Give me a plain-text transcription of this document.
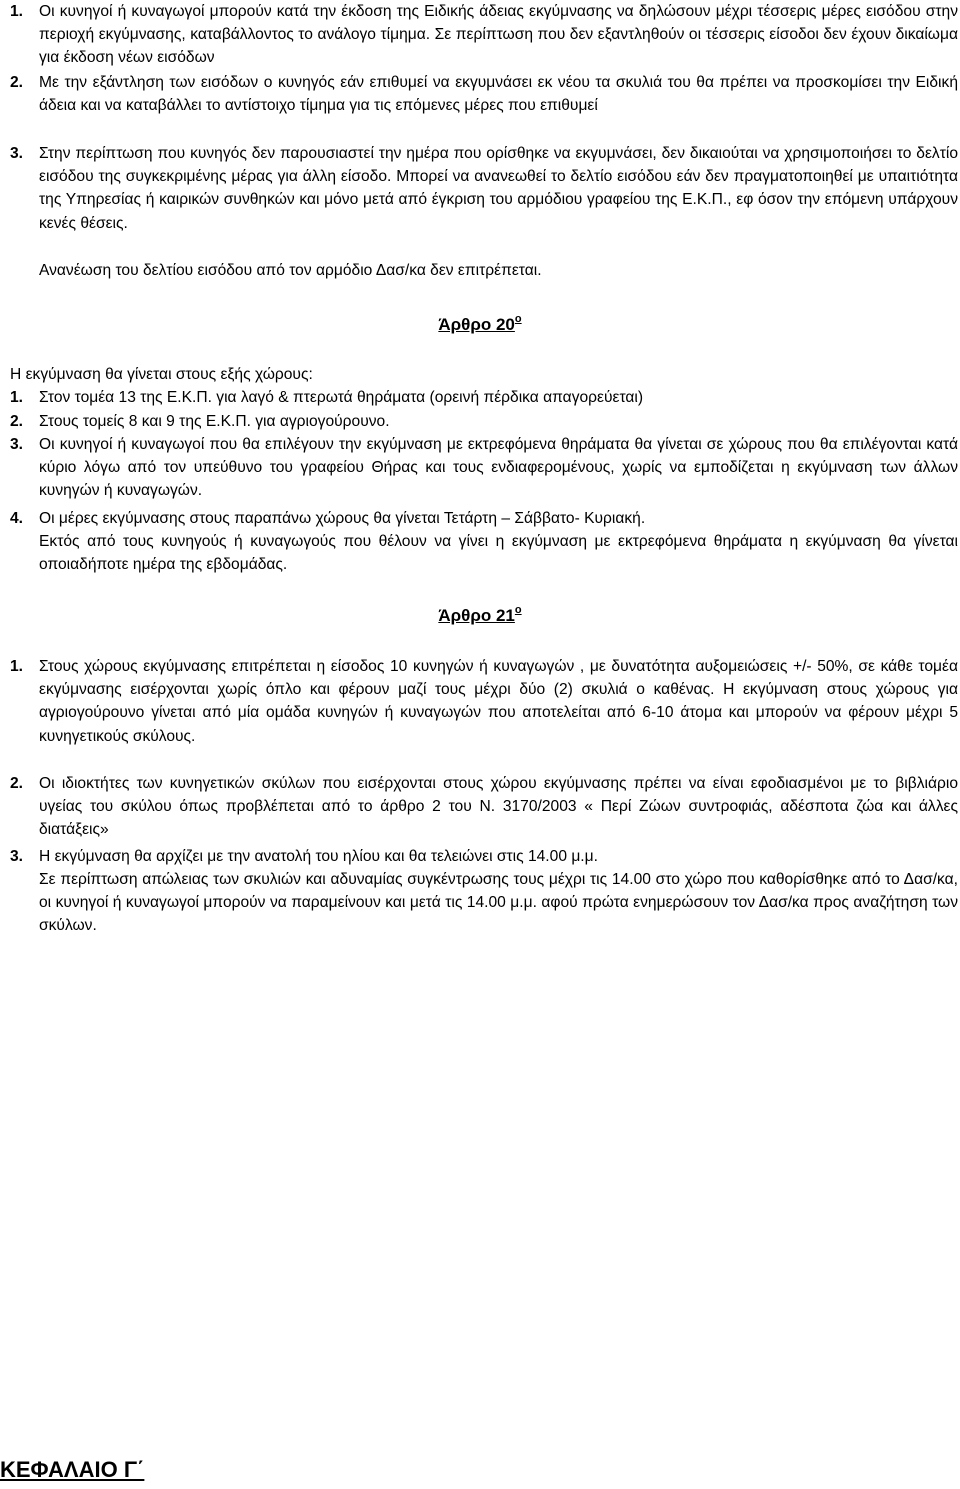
1. Οι κυνηγοί ή κυναγωγοί μπορούν κατά την έκδοση της Ειδικής άδειας εκγύμνασης να δηλώσουν μέχρι τέσσερις μέρες εισόδου στην περιοχή εκγύμνασης, καταβάλλοντος το ανάλογο τίμημα. Σε περίπτωση που δεν εξαντληθούν οι τέσσερις είσοδοι δεν έχουν δικαίωμα για έκδοση νέων εισόδων
2. Με την εξάντληση των εισόδων ο κυνηγός εάν επιθυμεί να εκγυμνάσει εκ νέου τα σκυλιά του θα πρέπει να προσκομίσει την Ειδική άδεια και να καταβάλλει το αντίστοιχο τίμημα για τις επόμενες μέρες που επιθυμεί
3. Στην περίπτωση που κυνηγός δεν παρουσιαστεί την ημέρα που ορίσθηκε να εκγυμνάσει, δεν δικαιούται να χρησιμοποιήσει το δελτίο εισόδου της συγκεκριμένης μέρας για άλλη είσοδο. Μπορεί να ανανεωθεί το δελτίο εισόδου εάν δεν πραγματοποιηθεί με υπαιτιότητα της Υπηρεσίας ή καιρικών συνθηκών και μόνο μετά από έγκριση του αρμόδιου γραφείου της Ε.Κ.Π., εφ όσον την επόμενη υπάρχουν κενές θέσεις.
Ανανέωση του δελτίου εισόδου από τον αρμόδιο Δασ/κα δεν επιτρέπεται.
Άρθρο $20^o$
Η εκγύμναση θα γίνεται στους εξής χώρους:
1. Στον τομέα 13 της Ε.Κ.Π. για λαγό & πτερωτά θηράματα (ορεινή πέρδικα απαγορεύεται)
2. Στους τομείς 8 και 9 της Ε.Κ.Π. για αγριογούρουνο.
3. Οι κυνηγοί ή κυναγωγοί που θα επιλέγουν την εκγύμναση με εκτρεφόμενα θηράματα θα γίνεται σε χώρους που θα επιλέγονται κατά κύριο λόγω από τον υπεύθυνο του γραφείου Θήρας και τους ενδιαφερομένους, χωρίς να εμποδίζεται η εκγύμναση των άλλων κυνηγών ή κυναγωγών.
4. Οι μέρες εκγύμνασης στους παραπάνω χώρους θα γίνεται Τετάρτη – Σάββατο- Κυριακή.
Εκτός από τους κυνηγούς ή κυναγωγούς που θέλουν να γίνει η εκγύμναση με εκτρεφόμενα θηράματα η εκγύμναση θα γίνεται οποιαδήποτε ημέρα της εβδομάδας.
Άρθρο $21^o$
1. Στους χώρους εκγύμνασης επιτρέπεται η είσοδος 10 κυνηγών ή κυναγωγών , με δυνατότητα αυξομειώσεις +/- 50%, σε κάθε τομέα εκγύμνασης εισέρχονται χωρίς όπλο και φέρουν μαζί τους μέχρι δύο (2) σκυλιά ο καθένας. Η εκγύμναση στους χώρους για αγριογούρουνο γίνεται από μία ομάδα κυνηγών ή κυναγωγών που αποτελείται από 6-10 άτομα και μπορούν να φέρουν μέχρι 5 κυνηγετικούς σκύλους.
2. Οι ιδιοκτήτες των κυνηγετικών σκύλων που εισέρχονται στους χώρου εκγύμνασης πρέπει να είναι εφοδιασμένοι με το βιβλιάριο υγείας του σκύλου όπως προβλέπεται από το άρθρο 2 του Ν. 3170/2003 « Περί Ζώων συντροφιάς, αδέσποτα ζώα και άλλες διατάξεις»
3. Η εκγύμναση θα αρχίζει με την ανατολή του ηλίου και θα τελειώνει στις 14.00 μ.μ.
Σε περίπτωση απώλειας των σκυλιών και αδυναμίας συγκέντρωσης τους μέχρι τις 14.00 στο χώρο που καθορίσθηκε από το Δασ/κα, οι κυνηγοί ή κυναγωγοί μπορούν να παραμείνουν και μετά τις 14.00 μ.μ. αφού πρώτα ενημερώσουν τον Δασ/κα προς αναζήτηση των σκύλων.
ΚΕΦΑΛΑΙΟ Γ΄
